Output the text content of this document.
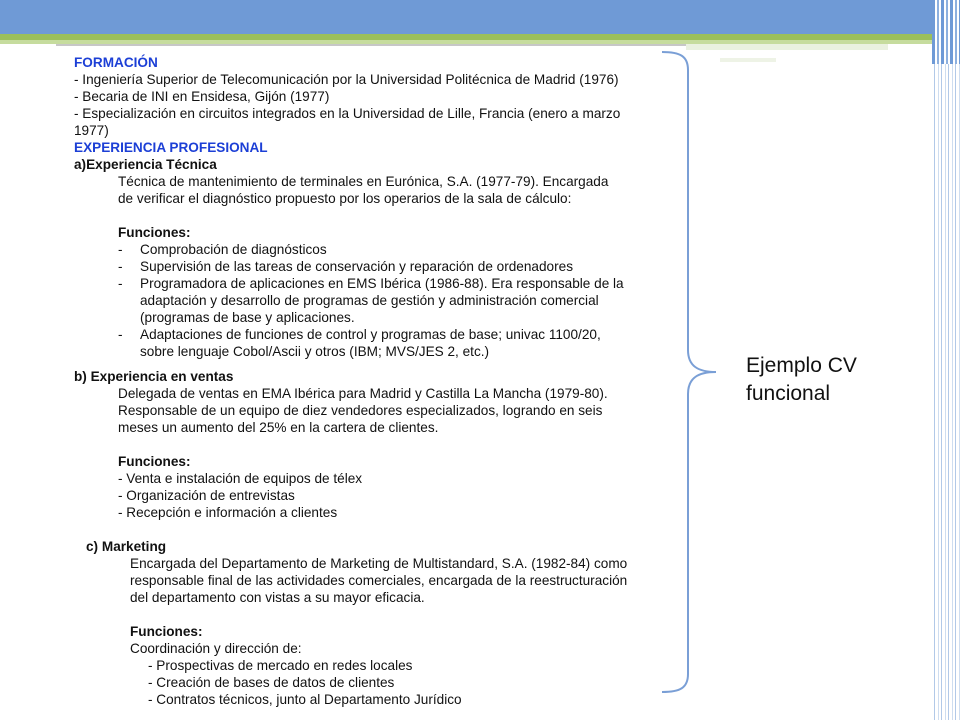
FORMACIÓN
- Ingeniería Superior de Telecomunicación por la Universidad Politécnica de Madrid (1976)
- Becaria de INI en Ensidesa, Gijón (1977)
- Especialización en circuitos integrados en la Universidad de Lille, Francia (enero a marzo
1977)
EXPERIENCIA PROFESIONAL
a)Experiencia Técnica
Técnica de mantenimiento de terminales en Eurónica, S.A. (1977-79). Encargada
de verificar el diagnóstico propuesto por los operarios de la sala de cálculo:
Funciones:
-	Comprobación de diagnósticos
-	Supervisión de las tareas de conservación y reparación de ordenadores
-	Programadora de aplicaciones en EMS Ibérica (1986-88). Era responsable de la
adaptación y desarrollo de programas de gestión y administración comercial
(programas de base y aplicaciones.
-	Adaptaciones de funciones de control y programas de base; univac 1100/20,
sobre lenguaje Cobol/Ascii y otros (IBM; MVS/JES 2, etc.)
b) Experiencia en ventas
Delegada de ventas en EMA Ibérica para Madrid y Castilla La Mancha (1979-80).
Responsable de un equipo de diez vendedores especializados, logrando en seis
meses un aumento del 25% en la cartera de clientes.
Funciones:
- Venta e instalación de equipos de télex
- Organización de entrevistas
- Recepción e información a clientes
c) Marketing
Encargada del Departamento de Marketing de Multistandard, S.A. (1982-84) como
responsable final de las actividades comerciales, encargada de la reestructuración
del departamento con vistas a su mayor eficacia.
Funciones:
Coordinación y dirección de:
- Prospectivas de mercado en redes locales
- Creación de bases de datos de clientes
- Contratos técnicos, junto al Departamento Jurídico
Ejemplo CV
funcional
